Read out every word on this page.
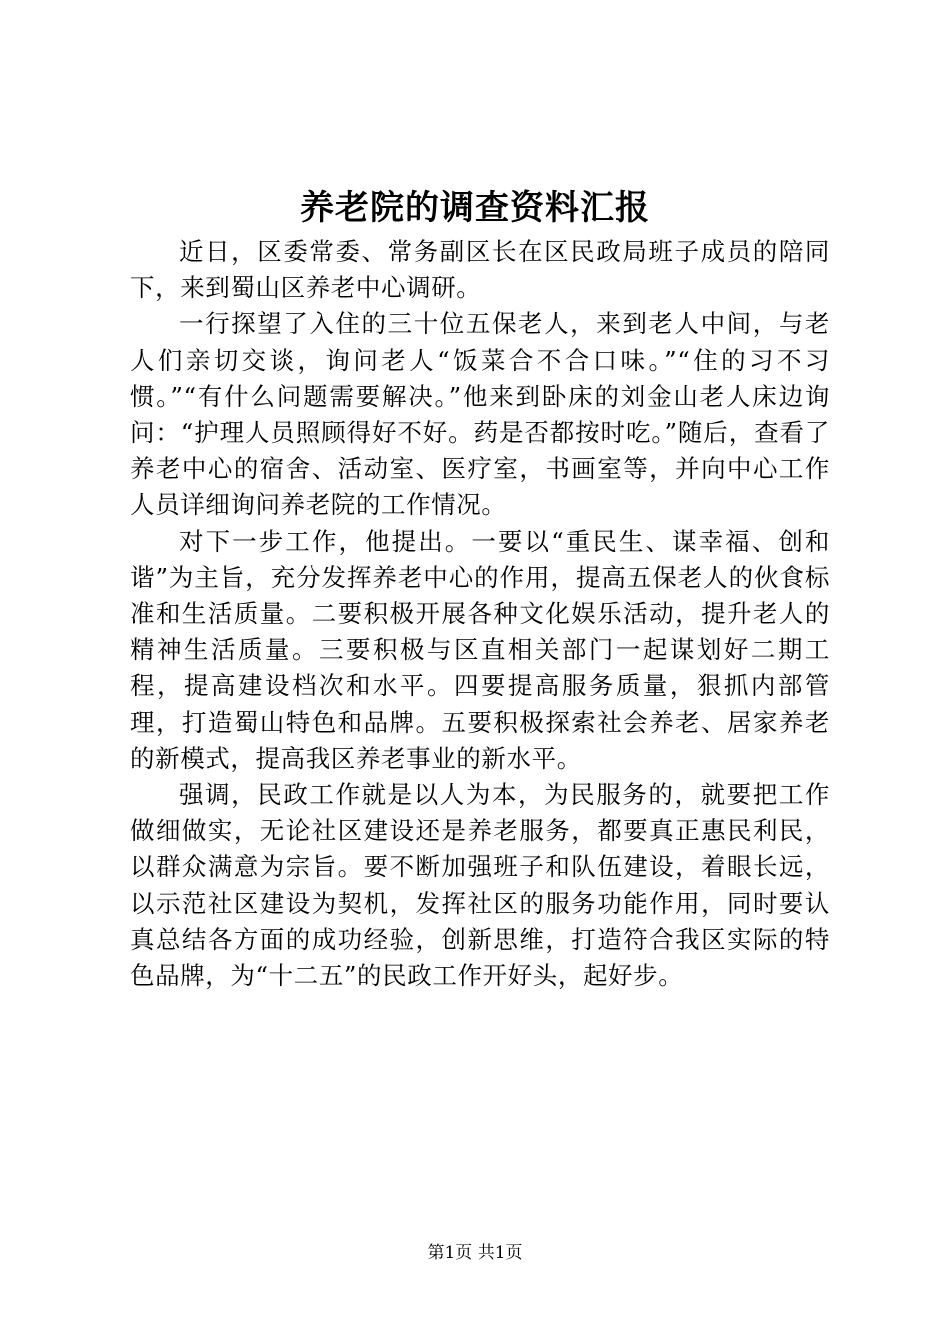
养老院的调查资料汇报

近日，区委常委、常务副区长在区民政局班子成员的陪同下，来到蜀山区养老中心调研。

一行探望了入住的三十位五保老人，来到老人中间，与老人们亲切交谈，询问老人“饭菜合不合口味。”“住的习不习惯。”“有什么问题需要解决。”他来到卧床的刘金山老人床边询问：“护理人员照顾得好不好。药是否都按时吃。”随后，查看了养老中心的宿舍、活动室、医疗室，书画室等，并向中心工作人员详细询问养老院的工作情况。

对下一步工作，他提出。一要以“重民生、谋幸福、创和谐”为主旨，充分发挥养老中心的作用，提高五保老人的伙食标准和生活质量。二要积极开展各种文化娱乐活动，提升老人的精神生活质量。三要积极与区直相关部门一起谋划好二期工程，提高建设档次和水平。四要提高服务质量，狠抓内部管理，打造蜀山特色和品牌。五要积极探索社会养老、居家养老的新模式，提高我区养老事业的新水平。

强调，民政工作就是以人为本，为民服务的，就要把工作做细做实，无论社区建设还是养老服务，都要真正惠民利民，以群众满意为宗旨。要不断加强班子和队伍建设，着眼长远，以示范社区建设为契机，发挥社区的服务功能作用，同时要认真总结各方面的成功经验，创新思维，打造符合我区实际的特色品牌，为“十二五”的民政工作开好头，起好步。

第1页 共1页
